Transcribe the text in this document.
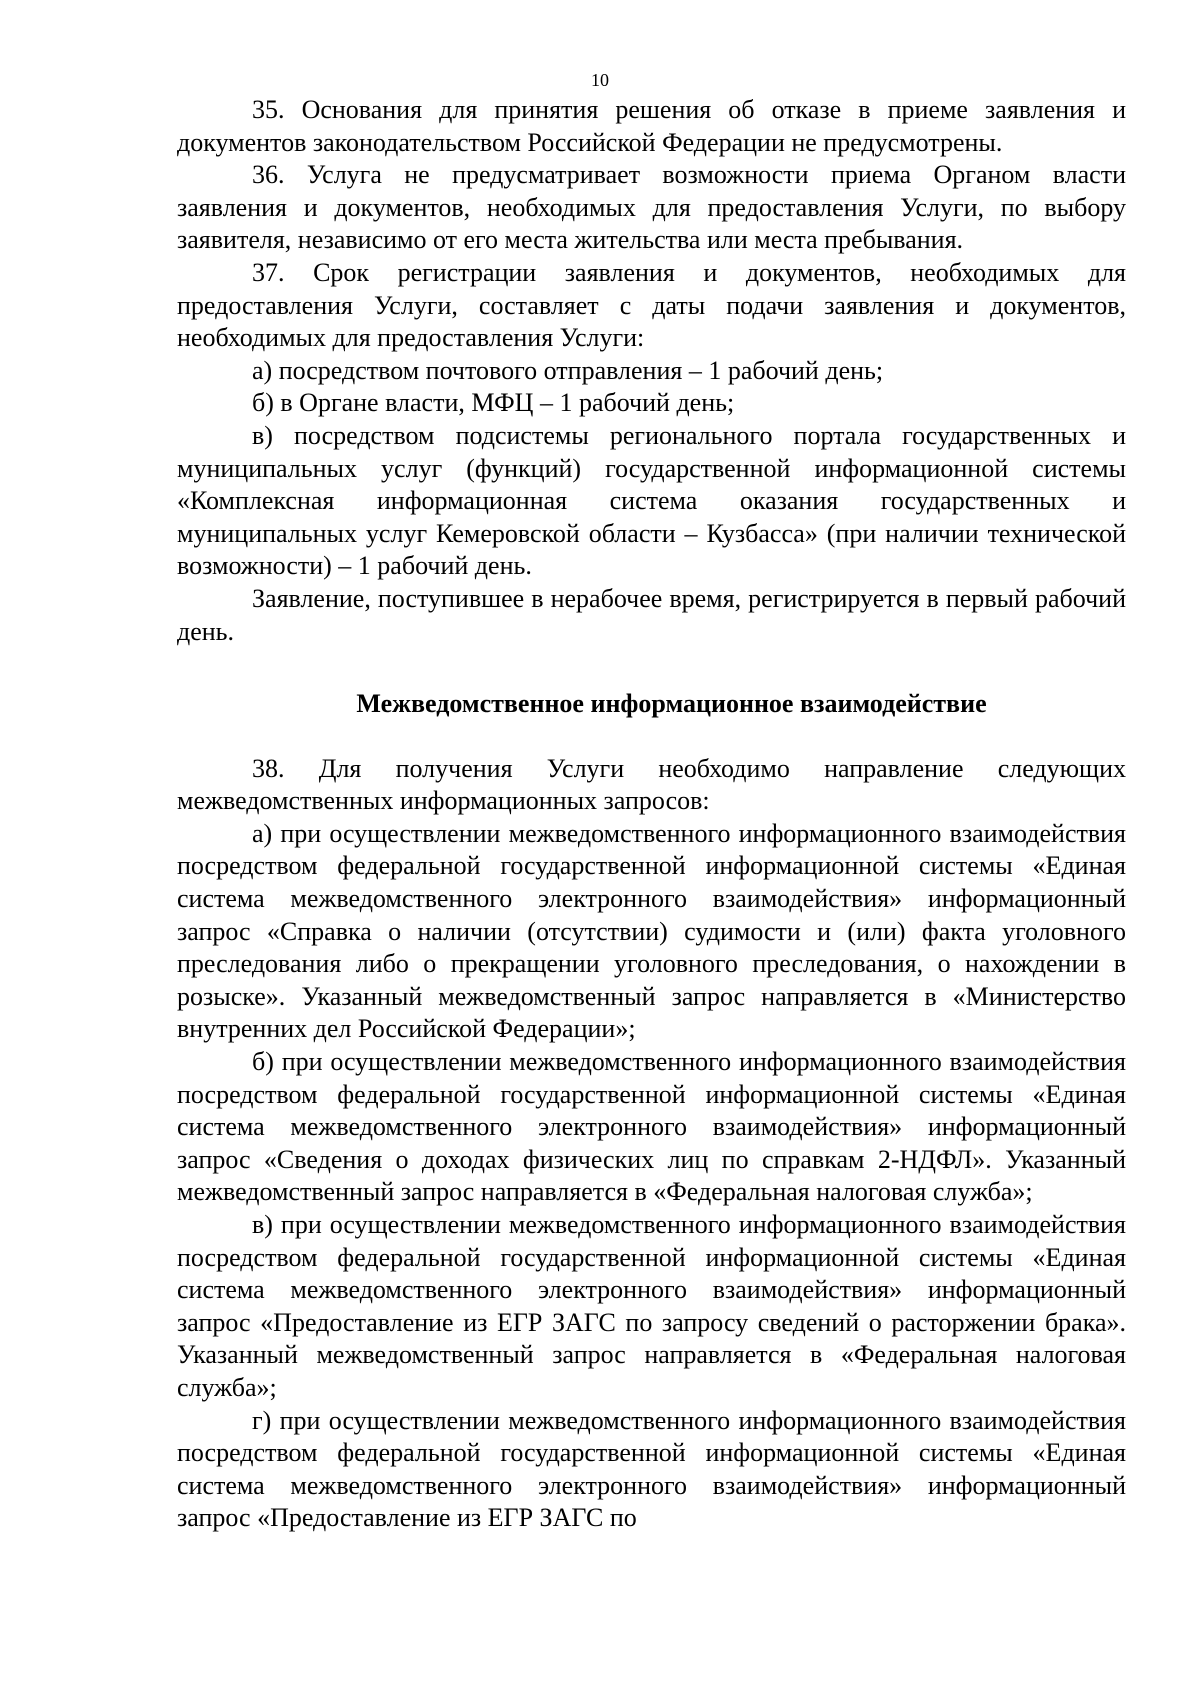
10

35. Основания для принятия решения об отказе в приеме заявления и документов законодательством Российской Федерации не предусмотрены.

36. Услуга не предусматривает возможности приема Органом власти заявления и документов, необходимых для предоставления Услуги, по выбору заявителя, независимо от его места жительства или места пребывания.

37. Срок регистрации заявления и документов, необходимых для предоставления Услуги, составляет с даты подачи заявления и документов, необходимых для предоставления Услуги:

а) посредством почтового отправления – 1 рабочий день;

б) в Органе власти, МФЦ – 1 рабочий день;

в) посредством подсистемы регионального портала государственных и муниципальных услуг (функций) государственной информационной системы «Комплексная информационная система оказания государственных и муниципальных услуг Кемеровской области – Кузбасса» (при наличии технической возможности) – 1 рабочий день.

Заявление, поступившее в нерабочее время, регистрируется в первый рабочий день.

Межведомственное информационное взаимодействие

38. Для получения Услуги необходимо направление следующих межведомственных информационных запросов:

а) при осуществлении межведомственного информационного взаимодействия посредством федеральной государственной информационной системы «Единая система межведомственного электронного взаимодействия» информационный запрос «Справка о наличии (отсутствии) судимости и (или) факта уголовного преследования либо о прекращении уголовного преследования, о нахождении в розыске». Указанный межведомственный запрос направляется в «Министерство внутренних дел Российской Федерации»;

б) при осуществлении межведомственного информационного взаимодействия посредством федеральной государственной информационной системы «Единая система межведомственного электронного взаимодействия» информационный запрос «Сведения о доходах физических лиц по справкам 2-НДФЛ». Указанный межведомственный запрос направляется в «Федеральная налоговая служба»;

в) при осуществлении межведомственного информационного взаимодействия посредством федеральной государственной информационной системы «Единая система межведомственного электронного взаимодействия» информационный запрос «Предоставление из ЕГР ЗАГС по запросу сведений о расторжении брака». Указанный межведомственный запрос направляется в «Федеральная налоговая служба»;

г) при осуществлении межведомственного информационного взаимодействия посредством федеральной государственной информационной системы «Единая система межведомственного электронного взаимодействия» информационный запрос «Предоставление из ЕГР ЗАГС по
